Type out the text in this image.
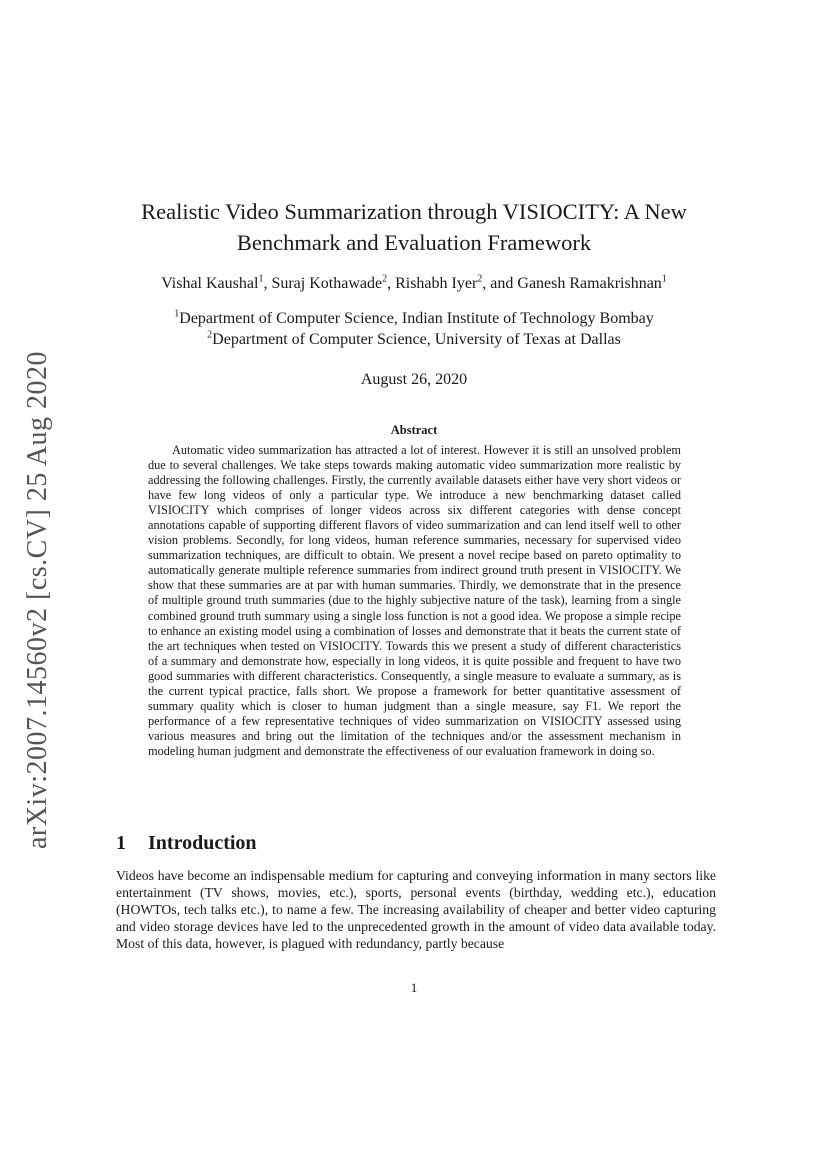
arXiv:2007.14560v2 [cs.CV] 25 Aug 2020
Realistic Video Summarization through VISIOCITY: A New Benchmark and Evaluation Framework
Vishal Kaushal$^1$, Suraj Kothawade$^2$, Rishabh Iyer$^2$, and Ganesh Ramakrishnan$^1$
$^1$Department of Computer Science, Indian Institute of Technology Bombay
$^2$Department of Computer Science, University of Texas at Dallas
August 26, 2020
Abstract

Automatic video summarization has attracted a lot of interest. However it is still an unsolved problem due to several challenges. We take steps towards making automatic video summarization more realistic by addressing the following challenges. Firstly, the currently available datasets either have very short videos or have few long videos of only a particular type. We introduce a new benchmarking dataset called VISIOCITY which comprises of longer videos across six different categories with dense concept annotations capable of supporting different flavors of video summarization and can lend itself well to other vision problems. Secondly, for long videos, human reference summaries, necessary for supervised video summarization techniques, are difficult to obtain. We present a novel recipe based on pareto optimality to automatically generate multiple reference summaries from indirect ground truth present in VISIOCITY. We show that these summaries are at par with human summaries. Thirdly, we demonstrate that in the presence of multiple ground truth summaries (due to the highly subjective nature of the task), learning from a single combined ground truth summary using a single loss function is not a good idea. We propose a simple recipe to enhance an existing model using a combination of losses and demonstrate that it beats the current state of the art techniques when tested on VISIOCITY. Towards this we present a study of different characteristics of a summary and demonstrate how, especially in long videos, it is quite possible and frequent to have two good summaries with different characteristics. Consequently, a single measure to evaluate a summary, as is the current typical practice, falls short. We propose a framework for better quantitative assessment of summary quality which is closer to human judgment than a single measure, say F1. We report the performance of a few representative techniques of video summarization on VISIOCITY assessed using various measures and bring out the limitation of the techniques and/or the assessment mechanism in modeling human judgment and demonstrate the effectiveness of our evaluation framework in doing so.

1 Introduction

Videos have become an indispensable medium for capturing and conveying information in many sectors like entertainment (TV shows, movies, etc.), sports, personal events (birthday, wedding etc.), education (HOWTOs, tech talks etc.), to name a few. The increasing availability of cheaper and better video capturing and video storage devices have led to the unprecedented growth in the amount of video data available today. Most of this data, however, is plagued with redundancy, partly because

1
